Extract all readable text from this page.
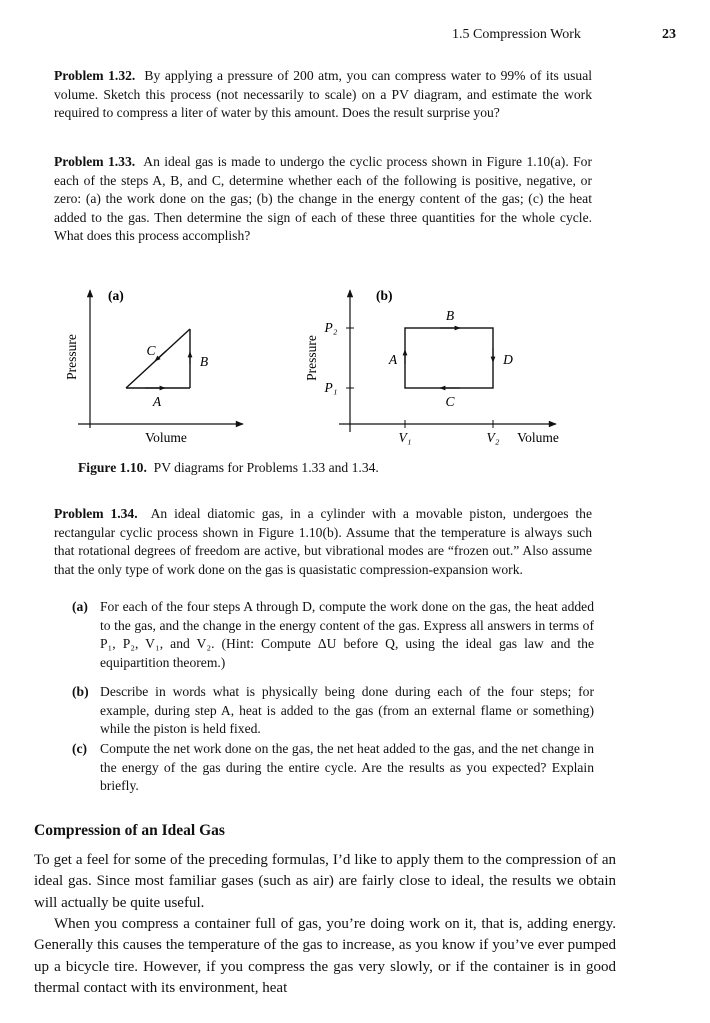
1.5 Compression Work	23

Problem 1.32. By applying a pressure of 200 atm, you can compress water to 99% of its usual volume. Sketch this process (not necessarily to scale) on a PV diagram, and estimate the work required to compress a liter of water by this amount. Does the result surprise you?

Problem 1.33. An ideal gas is made to undergo the cyclic process shown in Figure 1.10(a). For each of the steps A, B, and C, determine whether each of the following is positive, negative, or zero: (a) the work done on the gas; (b) the change in the energy content of the gas; (c) the heat added to the gas. Then determine the sign of each of these three quantities for the whole cycle. What does this process accomplish?

(a)
Pressure
Volume
A
B
C
(b)
Pressure
P₂
P₁
V₁	V₂ Volume
A
B
C
D
Figure 1.10. PV diagrams for Problems 1.33 and 1.34.

Problem 1.34. An ideal diatomic gas, in a cylinder with a movable piston, undergoes the rectangular cyclic process shown in Figure 1.10(b). Assume that the temperature is always such that rotational degrees of freedom are active, but vibrational modes are “frozen out.” Also assume that the only type of work done on the gas is quasistatic compression-expansion work.

(a) For each of the four steps A through D, compute the work done on the gas, the heat added to the gas, and the change in the energy content of the gas. Express all answers in terms of P₁, P₂, V₁, and V₂. (Hint: Compute ΔU before Q, using the ideal gas law and the equipartition theorem.)
(b) Describe in words what is physically being done during each of the four steps; for example, during step A, heat is added to the gas (from an external flame or something) while the piston is held fixed.
(c) Compute the net work done on the gas, the net heat added to the gas, and the net change in the energy of the gas during the entire cycle. Are the results as you expected? Explain briefly.
Compression of an Ideal Gas

To get a feel for some of the preceding formulas, I’d like to apply them to the compression of an ideal gas. Since most familiar gases (such as air) are fairly close to ideal, the results we obtain will actually be quite useful.

When you compress a container full of gas, you’re doing work on it, that is, adding energy. Generally this causes the temperature of the gas to increase, as you know if you’ve ever pumped up a bicycle tire. However, if you compress the gas very slowly, or if the container is in good thermal contact with its environment, heat
